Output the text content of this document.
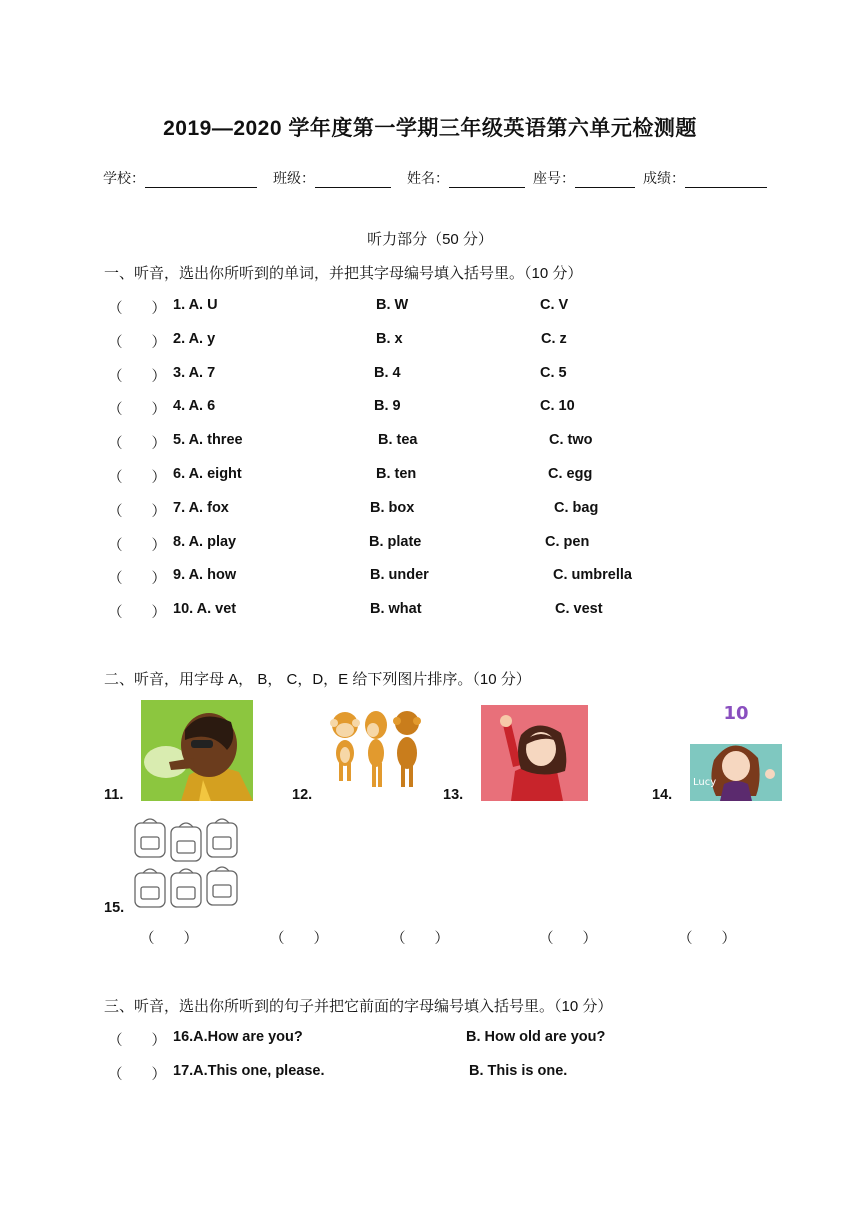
2019—2020 学年度第一学期三年级英语第六单元检测题
学校：	班级：	姓名：	座号：	成绩：
听力部分（50 分）
一、听音，选出你所听到的单词，并把其字母编号填入括号里。（10 分）
（　　） 1. A. U	B. W	C. V
（　　） 2. A. y	B. x	C. z
（　　） 3. A. 7	B. 4	C. 5
（　　） 4. A. 6	B. 9	C. 10
（　　） 5. A. three	B. tea	C. two
（　　） 6. A. eight	B. ten	C. egg
（　　） 7. A. fox	B. box	C. bag
（　　） 8. A. play	B. plate	C. pen
（　　） 9. A. how	B. under	C. umbrella
（　　） 10. A. vet	B. what	C. vest
二、听音，用字母 A， B， C，D，E 给下列图片排序。（10 分）
11.	12.	13.	14.
10
Lucy
15.
（　　）	（　　）	（　　）	（　　）	（　　）
三、听音，选出你所听到的句子并把它前面的字母编号填入括号里。（10 分）
（　　） 16.A.How are you?	B. How old are you?
（　　） 17.A.This one, please.	B. This is one.
